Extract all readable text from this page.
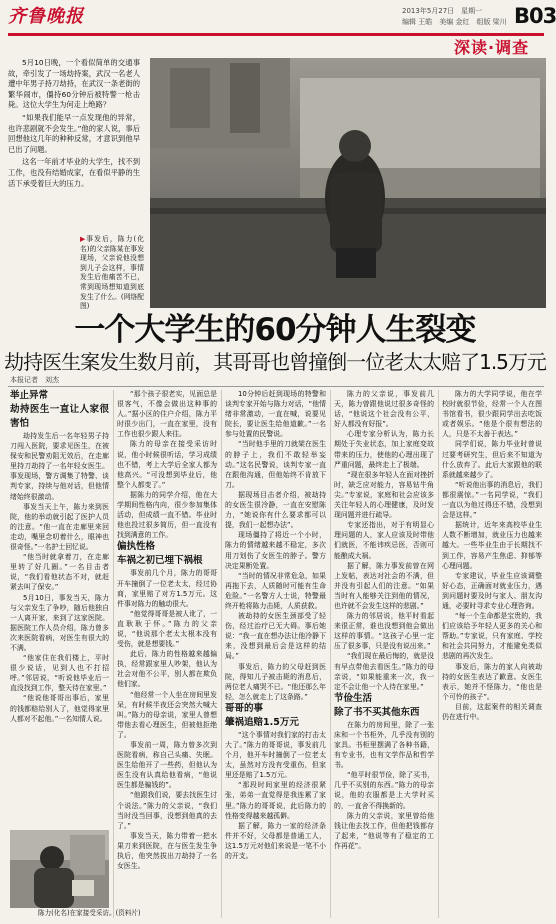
齐鲁晚报	2013年5月27日　星期一
编辑 王皓　美编 金红　组版 梁川 B03
深读·调查

5月10日晚，一个看似简单的交通事故，牵引发了一场劫持案，武汉一名老人遭中年男子持刀劫持，在武汉一条老街的繁华闹市，僵持60分钟后被特警一枪击毙。这位大学生为何走上绝路？

“如果我们能早一点发现他的异常，也许悲剧就不会发生。”他的家人说，事后回想他这几年的种种反常，才意识到他早已出了问题。

这名一年前才毕业的大学生，找不到工作，也没有结婚成家，在看似平静的生活下承受着巨大的压力。

▶事发后，陈力(化名)的父亲陈某在事发现场，父亲说他没想到儿子会这样，事情发生后他痛苦不已，常到现场想知道到底发生了什么。(网络配图)
一个大学生的60分钟人生裂变
劫持医生案发生数月前，其哥哥也曾撞倒一位老太太赔了1.5万元
本报记者　刘杰

举止异常

劫持医生一直让人家很害怕

劫持发生后一名年轻男子持刀闯入医院，要求见医生，在被保安和民警劝阻无效后，在走廊里持刀劫持了一名年轻女医生。事发现场，警方调集了特警、谈判专家，持续与他对话，但他情绪始终很激动。

事发当天上午，陈力来到医院，他的举动就引起了医护人员的注意。“他一直在走廊里来回走动，嘴里念叨着什么，眼神也很奇怪。”一名护士回忆说。

“他当时就拿着刀，在走廊里转了好几圈。”一名目击者说，“我们看他状态不对，就赶紧去叫了保安。”

5月10日，事发当天，陈力与父亲发生了争吵，随后他独自一人离开家，来到了这家医院。据医院工作人员介绍，陈力曾多次来医院看病，对医生有很大的不满。

“他家住在我们楼上，平时很少说话，见到人也不打招呼。”邻居说，“听说他毕业后一直没找到工作，整天待在家里。”

“他说他哥哥出事后，家里的钱都赔给别人了，他觉得家里人都对不起他。”一名知情人说。

“那个孩子很老实，见面总是很客气，不像会做出这种事的人。”据小区的住户介绍，陈力平时很少出门，一直在家里，没有工作也很少跟人来往。

陈力的母亲在接受采访时说，他小时候很听话，学习成绩也不错，考上大学后全家人都为他高兴。“可没想到毕业后，他整个人都变了。”

据陈力的同学介绍，他在大学期间性格内向，很少参加集体活动，但成绩一直不错。毕业时他也投过很多简历，但一直没有找到满意的工作。

偏执性格

车祸之初已埋下祸根

事发前几个月，陈力的哥哥开车撞倒了一位老太太，经过协商，家里赔了对方1.5万元。这件事对陈力的触动很大。

“他觉得哥哥是被人讹了，一直耿耿于怀。”陈力的父亲说，“他说那个老太太根本没有受伤，就是想要钱。”

此后，陈力的性格越来越偏执，经常跟家里人吵架，他认为社会对他不公平，别人都在欺负他们家。

“他经常一个人坐在房间里发呆，有时候半夜还会突然大喊大叫。”陈力的母亲说，家里人曾想带他去看心理医生，但被他拒绝了。

事发前一周，陈力曾多次到医院看病，称自己头痛、失眠。医生给他开了一些药，但他认为医生没有认真给他看病，“他说医生都是骗钱的”。

“他跟我们说，要去找医生讨个说法。”陈力的父亲说，“我们当时没当回事，没想到他真的去了。”

事发当天，陈力带着一把水果刀来到医院，在与医生发生争执后，他突然拔出刀劫持了一名女医生。

10分钟后赶到现场的特警和谈判专家开始与陈力对话，“他情绪非常激动，一直在喊，说要见院长，要让医生给他道歉。”一名参与处置的民警说。

“当时他手里的刀就架在医生的脖子上，我们不敢轻举妄动。”这名民警说，谈判专家一直在跟他沟通，但他始终不肯放下刀。

据现场目击者介绍，被劫持的女医生很冷静，一直在安慰陈力，“她说你有什么要求都可以提，我们一起想办法”。

现场僵持了将近一个小时，陈力的情绪越来越不稳定，多次用刀划伤了女医生的脖子。警方决定果断处置。

“当时的情况非常危急，如果再拖下去，人质随时可能有生命危险。”一名警方人士说，特警最终开枪将陈力击毙，人质获救。

被劫持的女医生颈部受了轻伤，经过治疗已无大碍。事后她说：“我一直在想办法让他冷静下来，没想到最后会是这样的结局。”

事发后，陈力的父母赶到医院，得知儿子被击毙的消息后，两位老人痛哭不已。“他还那么年轻，怎么就走上了这条路。”

哥哥的事

肇祸追赔1.5万元

“这个事情对我们家的打击太大了。”陈力的哥哥说，事发前几个月，他开车时撞倒了一位老太太，虽然对方没有受重伤，但家里还是赔了1.5万元。

“那段时间家里的经济很紧张，弟弟一直觉得是我连累了家里。”陈力的哥哥说，此后陈力的性格变得越来越孤僻。

据了解，陈力一家的经济条件并不好，父母都是普通工人，这1.5万元对他们来说是一笔不小的开支。

陈力的父亲说，事发前几天，陈力曾跟他说过很多奇怪的话，“他说这个社会没有公平，好人都没有好报”。

心理专家分析认为，陈力长期处于失业状态，加上家庭变故带来的压力，使他的心理出现了严重问题，最终走上了极端。

“现在很多年轻人在面对挫折时，缺乏应对能力，容易钻牛角尖。”专家说，家庭和社会应该多关注年轻人的心理健康，及时发现问题并进行疏导。

专家还指出，对于有明显心理问题的人，家人应该及时带他们就医，不能讳疾忌医，否则可能酿成大祸。

据了解，陈力事发前曾在网上发帖，表达对社会的不满，但并没有引起人们的注意。“如果当时有人能够关注到他的情况，也许就不会发生这样的悲剧。”

陈力的邻居说，他平时看起来很正常，谁也没想到他会做出这样的事情。“这孩子心里一定压了很多事，只是没有说出来。”

“我们现在最后悔的，就是没有早点带他去看医生。”陈力的母亲说，“如果能重来一次，我一定不会让他一个人待在家里。”

节俭生活

除了书不买其他东西

在陈力的房间里，除了一张床和一个书柜外，几乎没有别的家具。书柜里摆满了各种书籍，有专业书，也有文学作品和哲学书。

“他平时很节俭，除了买书，几乎不买别的东西。”陈力的母亲说，他的衣服都是上大学时买的，一直舍不得换新的。

陈力的父亲说，家里曾给他钱让他去找工作，但他把钱都存了起来，“他说等有了稳定的工作再花”。

陈力的大学同学说，他在学校时就很节俭，经常一个人在图书馆看书，很少跟同学出去吃饭或者娱乐。“他是个很有想法的人，只是不太善于表达。”

同学们说，陈力毕业时曾说过要考研究生，但后来不知道为什么放弃了。此后大家跟他的联系就越来越少了。

“听说他出事的消息后，我们都很震惊。”一名同学说，“我们一直以为他过得还不错，没想到会是这样。”

据统计，近年来高校毕业生人数不断增加，就业压力也越来越大。一些毕业生由于长期找不到工作，容易产生焦虑、抑郁等心理问题。

专家建议，毕业生应该调整好心态，正确面对就业压力，遇到问题时要及时与家人、朋友沟通，必要时寻求专业心理咨询。

“每一个生命都是宝贵的，我们应该给予年轻人更多的关心和帮助。”专家说，只有家庭、学校和社会共同努力，才能避免类似悲剧的再次发生。

事发后，陈力的家人向被劫持的女医生表达了歉意。女医生表示，她并不怪陈力，“他也是个可怜的孩子”。

目前，这起案件的相关调查仍在进行中。

陈力(化名)在家接受采访。(资料片)
